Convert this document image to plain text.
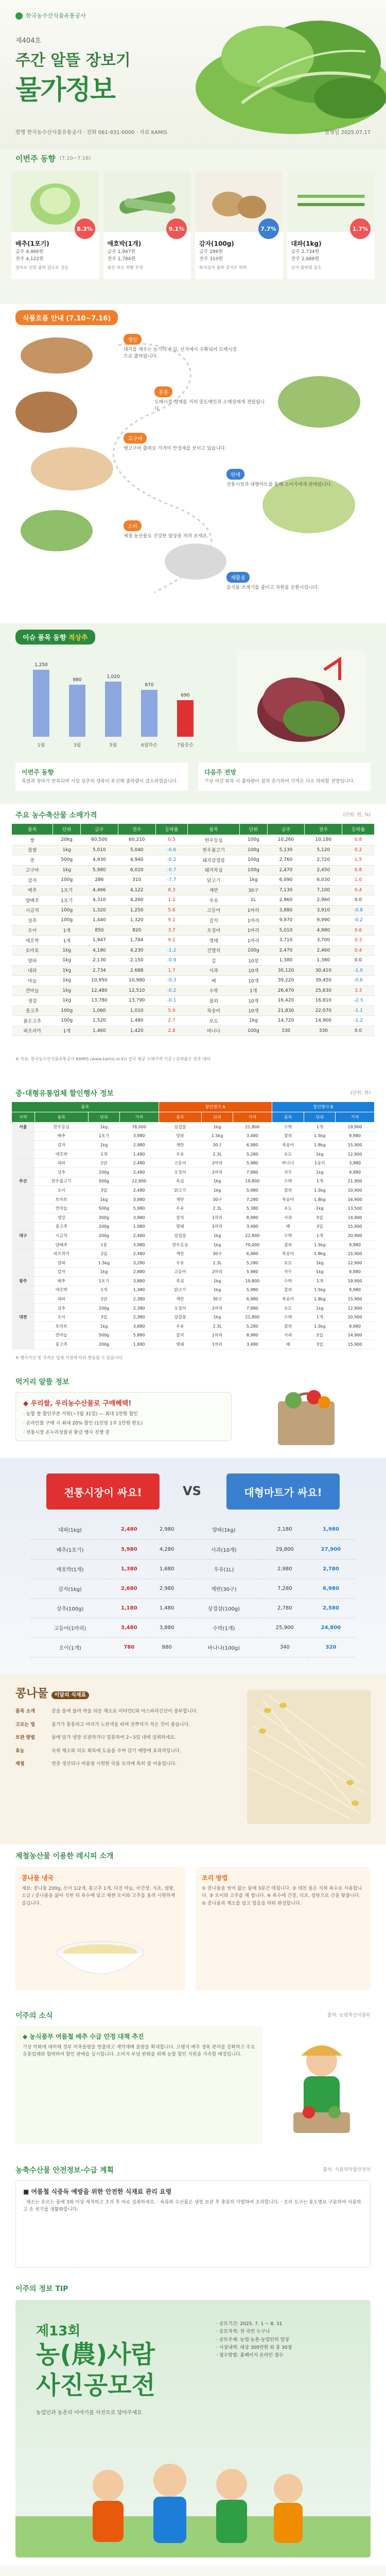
한국농수산식품유통공사
제404호
주간 알뜰 장보기
물가정보
발행 한국농수산식품유통공사 · 전화 061-931-0000 · 자료 KAMIS	발행일 2025.07.17
이번주 동향 (7.10~7.16)
8.3%
배추(1포기)
금주 4,466원
전주 4,122원
장마로 인한 출하 감소로 상승
9.1%
애호박(1개)
금주 1,947원
전주 1,784원
잦은 비로 작황 부진
7.7%
감자(100g)
금주 286원
전주 310원
하지감자 출하 증가로 하락
1.7%
대파(1kg)
금주 2,734원
전주 2,688원
산지 출하량 감소
식품흐름 안내 (7.10~7.16)
생산
대지를 깨우는 농가의 손길, 산지에서 수확되어 도매시장으로 출하됩니다.
유통
도매시장 경매를 거쳐 중도매인과 소매상에게 전달됩니다.
고구마
햇고구마 출하로 가격이 안정세를 보이고 있습니다.
판매
전통시장과 대형마트를 통해 소비자에게 판매됩니다.
소비
제철 농산물로 건강한 밥상을 차려 보세요.
재활용
음식물 쓰레기를 줄이고 자원을 순환시킵니다.
이슈 품목 동향 적상추
1월
1,250
3월
980
5월
1,020
6월하순
870
7월중순
690
이번주 동향
폭염과 장마가 반복되며 시설 상추의 생육이 부진해 출하량이 감소하였습니다.
다음주 전망
기상 여건 회복 시 출하량이 점차 증가하여 가격은 다소 하락할 전망입니다.
주요 농수축산물 소매가격	(단위: 원, %)
품목	단위	금주	전주	등락률	품목	단위	금주	전주	등락률
쌀	20kg	60,500	60,210	0.5	한우등심	100g	10,260	10,180	0.8
찹쌀	1kg	5,010	5,040	-0.6	한우불고기	100g	5,130	5,120	0.2
콩	500g	4,930	4,940	-0.2	돼지삼겹살	100g	2,760	2,720	1.5
고구마	1kg	5,980	6,020	-0.7	돼지목심	100g	2,470	2,450	0.8
감자	100g	286	310	-7.7	닭고기	1kg	6,090	6,030	1.0
배추	1포기	4,466	4,122	8.3	계란	30구	7,130	7,100	0.4
양배추	1포기	4,310	4,260	1.2	우유	1L	2,960	2,960	0.0
시금치	100g	1,320	1,250	5.6	고등어	1마리	3,880	3,910	-0.8
상추	100g	1,440	1,320	9.1	갈치	1마리	9,970	9,990	-0.2
오이	1개	850	820	3.7	오징어	1마리	5,010	4,980	0.6
애호박	1개	1,947	1,784	9.1	명태	1마리	3,710	3,700	0.3
토마토	1kg	4,180	4,230	-1.2	건멸치	100g	2,470	2,460	0.4
양파	1kg	2,130	2,150	-0.9	김	10장	1,380	1,380	0.0
대파	1kg	2,734	2,688	1.7	사과	10개	30,120	30,410	-1.0
마늘	1kg	10,950	10,980	-0.3	배	10개	39,220	39,450	-0.6
깐마늘	1kg	12,480	12,510	-0.2	수박	1개	26,470	25,630	3.3
생강	1kg	13,780	13,790	-0.1	참외	10개	16,420	16,810	-2.3
풋고추	100g	1,060	1,010	5.0	복숭아	10개	21,830	22,070	-1.1
붉은고추	100g	1,520	1,480	2.7	포도	1kg	14,720	14,900	-1.2
파프리카	1개	1,460	1,420	2.8	바나나	100g	330	330	0.0
※ 자료: 한국농수산식품유통공사 KAMIS (www.kamis.or.kr) 전국 평균 소매가격 기준 / 등락률은 전주 대비
중·대형유통업체 할인행사 정보	(단위: 원)
품목				할인행사 A			할인행사 B		
지역	품목	단위	가격	품목	단위	가격	품목	단위	가격
서울	한우등심	1kg	78,000	삼겹살	1kg	21,800	수박	1개	19,900
	배추	1포기	3,980	양파	1.5kg	3,480	참외	1.5kg	9,980
	감자	1kg	2,980	계란	30구	6,980	복숭아	1.8kg	15,900
	애호박	1개	1,480	우유	2.3L	5,280	포도	1kg	12,900
	대파	1단	2,480	고등어	2마리	5,980	바나나	1송이	3,980
	상추	200g	2,480	오징어	2마리	7,980	자두	1kg	9,980
부산	한우불고기	500g	22,900	목심	1kg	19,800	수박	1개	21,900
	오이	3입	2,480	닭고기	1kg	5,980	참외	1.5kg	10,900
	토마토	1kg	3,980	계란	30구	7,280	복숭아	1.8kg	16,900
	깐마늘	500g	5,980	우유	2.3L	5,380	포도	1kg	13,500
	생강	300g	3,980	갈치	1마리	8,980	사과	5입	14,900
	풋고추	200g	1,980	명태	1마리	3,480	배	3입	15,900
대구	시금치	200g	2,480	삼겹살	1kg	22,800	수박	1개	20,900
	양배추	1통	3,980	한우등심	1kg	79,000	참외	1.5kg	9,980
	파프리카	2입	2,480	계란	30구	6,980	복숭아	1.8kg	15,900
	양파	1.5kg	3,280	우유	2.3L	5,280	포도	1kg	12,900
	감자	1kg	2,880	고등어	2마리	5,980	자두	1kg	9,980
광주	배추	1포기	3,880	목심	1kg	19,800	수박	1개	19,900
	애호박	1개	1,380	닭고기	1kg	5,980	참외	1.5kg	9,980
	대파	1단	2,380	계란	30구	6,980	복숭아	1.8kg	15,900
	상추	200g	2,380	오징어	2마리	7,980	포도	1kg	12,900
대전	오이	3입	2,380	삼겹살	1kg	21,800	수박	1개	20,900
	토마토	1kg	3,880	우유	2.3L	5,280	참외	1.5kg	9,980
	깐마늘	500g	5,880	갈치	1마리	8,980	사과	5입	14,900
	풋고추	200g	1,880	명태	1마리	3,480	배	3입	15,900
※ 행사기간 및 가격은 업체 사정에 따라 변동될 수 있습니다.
먹거리 알뜰 정보
◆ 우리쌀, 우리농수산물로 구매혜택!
· 농할 쌀 할인쿠폰 지원(~7월 31일) — 최대 1만원 할인
· 온라인몰 구매 시 최대 20% 할인 (1인당 1주 1만원 한도)
· 전통시장 온누리상품권 환급 행사 진행 중
전통시장이 싸요!	VS	대형마트가 싸요!
대파(1kg)	2,480	2,980	양파(1kg)	2,180	1,980
배추(1포기)	3,980	4,280	사과(10개)	29,800	27,900
애호박(1개)	1,380	1,680	우유(1L)	2,980	2,780
감자(1kg)	2,680	2,980	계란(30구)	7,280	6,980
상추(100g)	1,180	1,480	삼겹살(100g)	2,780	2,580
고등어(1마리)	3,480	3,880	수박(1개)	25,900	24,800
오이(1개)	780	880	바나나(100g)	340	320
콩나물 이달의 식재료
품목 소개	콩을 물에 불려 싹을 틔운 채소로 비타민C와 아스파라긴산이 풍부합니다.
고르는 법	줄기가 통통하고 머리가 노란색을 띠며 잔뿌리가 적은 것이 좋습니다.
보관 방법	물에 담가 냉장 보관하거나 밀봉하여 2~3일 내에 섭취하세요.
효능	숙취 해소와 피로 회복에 도움을 주며 감기 예방에 효과적입니다.
제철	연중 생산되나 여름철 시원한 국물 요리에 특히 잘 어울립니다.
제철농산물 이용한 레시피 소개
콩나물 냉국
재료: 콩나물 200g, 오이 1/2개, 홍고추 1개, 다진 마늘, 국간장, 식초, 설탕, 소금 / 콩나물을 삶아 식힌 뒤 육수에 넣고 채썬 오이와 고추를 올려 시원하게 즐깁니다.
조리 방법
① 콩나물을 씻어 끓는 물에 3분간 데칩니다. ② 데친 물은 식혀 육수로 사용합니다. ③ 오이와 고추를 채 썹니다. ④ 육수에 간장, 식초, 설탕으로 간을 맞춥니다. ⑤ 콩나물과 채소를 담고 얼음을 띄워 완성합니다.
이주의 소식	출처: 농림축산식품부
◆ 농식품부 여름철 배추 수급 안정 대책 추진
기상 악화에 대비해 정부 비축물량을 방출하고 계약재배 물량을 확대합니다. 고랭지 배추 생육 관리를 강화하고 주요 유통업체와 협력하여 할인 판매를 실시합니다. 소비자 부담 완화를 위해 농할 할인 지원을 지속할 예정입니다.
농축수산물 안전정보·수급 계획	출처: 식품의약품안전처
■ 여름철 식중독 예방을 위한 안전한 식재료 관리 요령
· 채소는 흐르는 물에 3회 이상 세척하고 조리 후 바로 섭취하세요. · 육류와 수산물은 냉장 보관 후 충분히 가열하여 조리합니다. · 조리 도구는 용도별로 구분하여 사용하고 손 씻기를 생활화합니다.
이주의 정보 TIP
제13회
농(農)사람
사진공모전
농업인과 농촌의 이야기를 사진으로 담아주세요
· 공모기간: 2025. 7. 1 ~ 8. 31
· 응모자격: 전 국민 누구나
· 공모주제: 농업·농촌·농업인의 일상
· 시상내역: 대상 300만원 외 총 30점
· 접수방법: 홈페이지 온라인 접수
